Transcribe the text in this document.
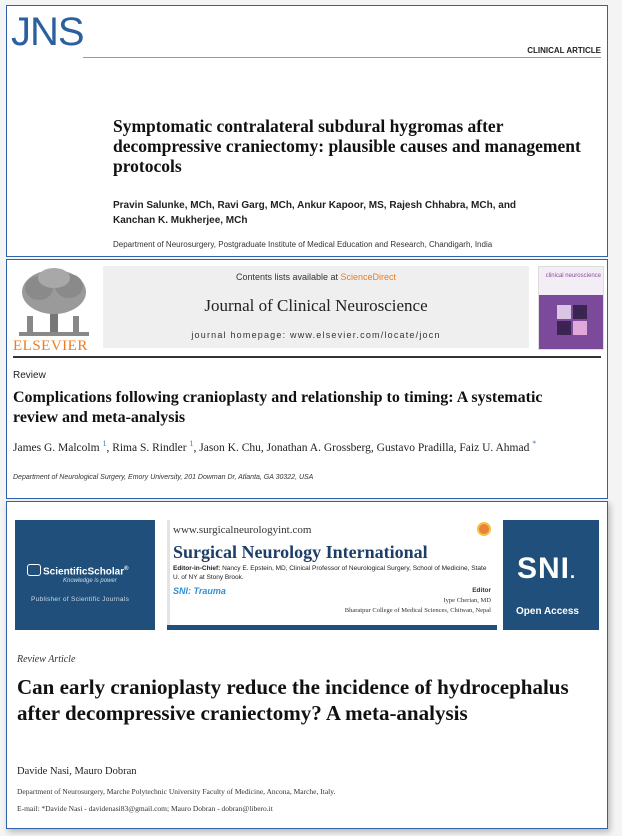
JNS	CLINICAL ARTICLE
Symptomatic contralateral subdural hygromas after decompressive craniectomy: plausible causes and management protocols

Pravin Salunke, MCh, Ravi Garg, MCh, Ankur Kapoor, MS, Rajesh Chhabra, MCh, and Kanchan K. Mukherjee, MCh

Department of Neurosurgery, Postgraduate Institute of Medical Education and Research, Chandigarh, India

ELSEVIER
Contents lists available at ScienceDirect
Journal of Clinical Neuroscience
journal homepage: www.elsevier.com/locate/jocn
clinical neuroscience
Review
Complications following cranioplasty and relationship to timing: A systematic review and meta-analysis

James G. Malcolm $^1$, Rima S. Rindler $^1$, Jason K. Chu, Jonathan A. Grossberg, Gustavo Pradilla, Faiz U. Ahmad *

Department of Neurological Surgery, Emory University, 201 Dowman Dr, Atlanta, GA 30322, USA
ScientificScholar®
Knowledge is power
Publisher of Scientific Journals
www.surgicalneurologyint.com
Surgical Neurology International
Editor-in-Chief: Nancy E. Epstein, MD, Clinical Professor of Neurological Surgery, School of Medicine, State U. of NY at Stony Brook.
SNI: Trauma	Editor
Iype Cherian, MD
Bharatpur College of Medical Sciences, Chitwan, Nepal
SNI.
Open Access
Review Article
Can early cranioplasty reduce the incidence of hydrocephalus after decompressive craniectomy? A meta-analysis
Davide Nasi, Mauro Dobran
Department of Neurosurgery, Marche Polytechnic University Faculty of Medicine, Ancona, Marche, Italy.
E-mail: *Davide Nasi - davidenasi83@gmail.com; Mauro Dobran - dobran@libero.it
